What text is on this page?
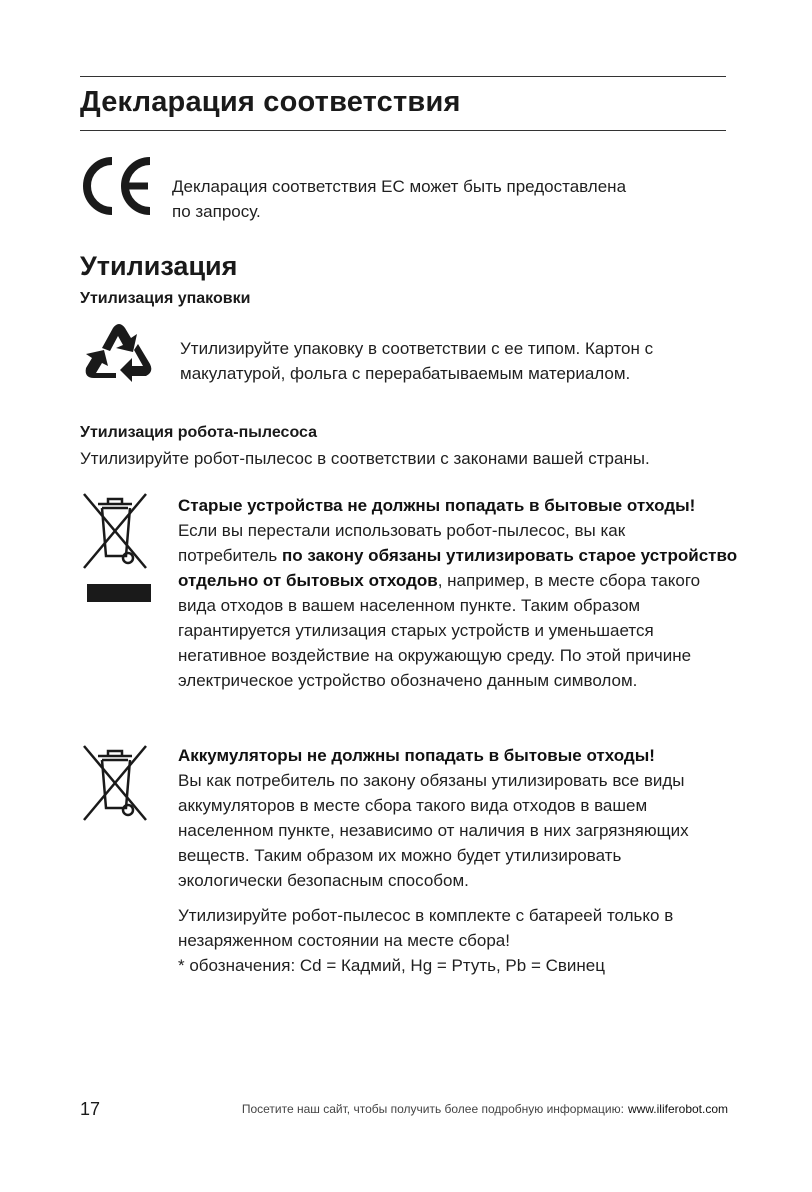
Декларация соответствия
Декларация соответствия ЕС может быть предоставлена
по запросу.
Утилизация
Утилизация упаковки
Утилизируйте упаковку в соответствии с ее типом. Картон с
макулатурой, фольга с перерабатываемым материалом.
Утилизация робота-пылесоса
Утилизируйте робот-пылесос в соответствии с законами вашей страны.
Старые устройства не должны попадать в бытовые отходы!
Если вы перестали использовать робот-пылесос, вы как
потребитель по закону обязаны утилизировать старое устройство
отдельно от бытовых отходов, например, в месте сбора такого
вида отходов в вашем населенном пункте. Таким образом
гарантируется утилизация старых устройств и уменьшается
негативное воздействие на окружающую среду. По этой причине
электрическое устройство обозначено данным символом.
Аккумуляторы не должны попадать в бытовые отходы!
Вы как потребитель по закону обязаны утилизировать все виды
аккумуляторов в месте сбора такого вида отходов в вашем
населенном пункте, независимо от наличия в них загрязняющих
веществ. Таким образом их можно будет утилизировать
экологически безопасным способом.
Утилизируйте робот-пылесос в комплекте с батареей только в
незаряженном состоянии на месте сбора!
* обозначения: Cd = Кадмий, Hg = Ртуть, Pb = Свинец
17	Посетите наш сайт, чтобы получить более подробную информацию: www.iliferobot.com
